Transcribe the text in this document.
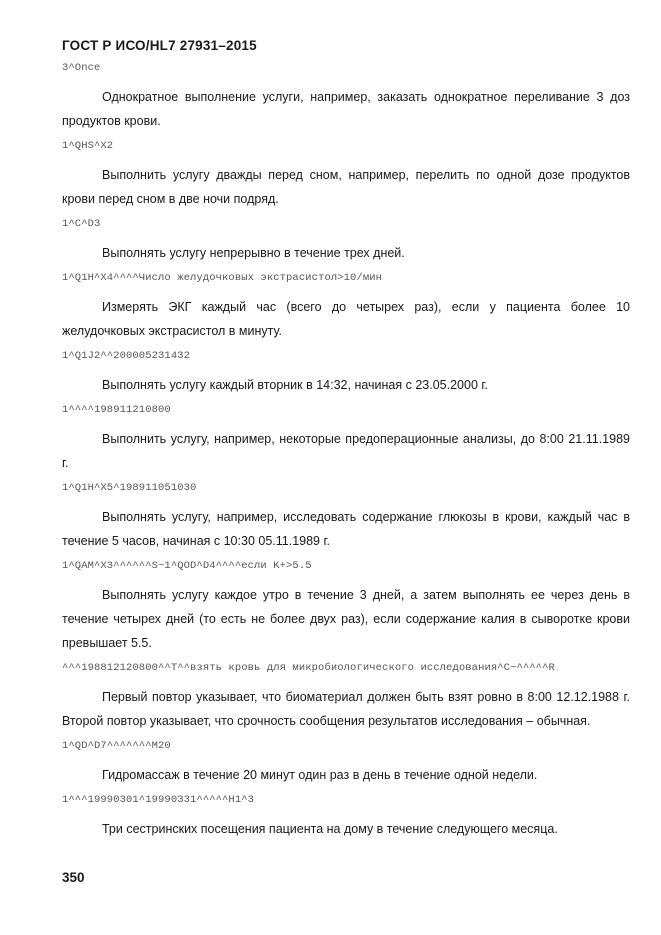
ГОСТ Р ИСО/HL7 27931–2015
3^Once

Однократное выполнение услуги, например, заказать однократное переливание 3 доз продуктов крови.

1^QHS^X2

Выполнить услугу дважды перед сном, например, перелить по одной дозе продуктов крови перед сном в две ночи подряд.

1^C^D3

Выполнять услугу непрерывно в течение трех дней.

1^Q1H^X4^^^^Число желудочковых экстрасистол>10/мин

Измерять ЭКГ каждый час (всего до четырех раз), если у пациента более 10 желудочковых экстрасистол в минуту.

1^Q1J2^^200005231432

Выполнять услугу каждый вторник в 14:32, начиная с 23.05.2000 г.

1^^^^198911210800

Выполнить услугу, например, некоторые предоперационные анализы, до 8:00 21.11.1989 г.

1^Q1H^X5^198911051030

Выполнять услугу, например, исследовать содержание глюкозы в крови, каждый час в течение 5 часов, начиная с 10:30 05.11.1989 г.

1^QAM^X3^^^^^^S~1^QOD^D4^^^^если K+>5.5

Выполнять услугу каждое утро в течение 3 дней, а затем выполнять ее через день в течение четырех дней (то есть не более двух раз), если содержание калия в сыворотке крови превышает 5.5.

^^^198812120800^^T^^взять кровь для микробиологического исследования^C~^^^^^R

Первый повтор указывает, что биоматериал должен быть взят ровно в 8:00 12.12.1988 г. Второй повтор указывает, что срочность сообщения результатов исследования – обычная.

1^QD^D7^^^^^^^M20

Гидромассаж в течение 20 минут один раз в день в течение одной недели.

1^^^19990301^19990331^^^^^H1^3

Три сестринских посещения пациента на дому в течение следующего месяца.

350
